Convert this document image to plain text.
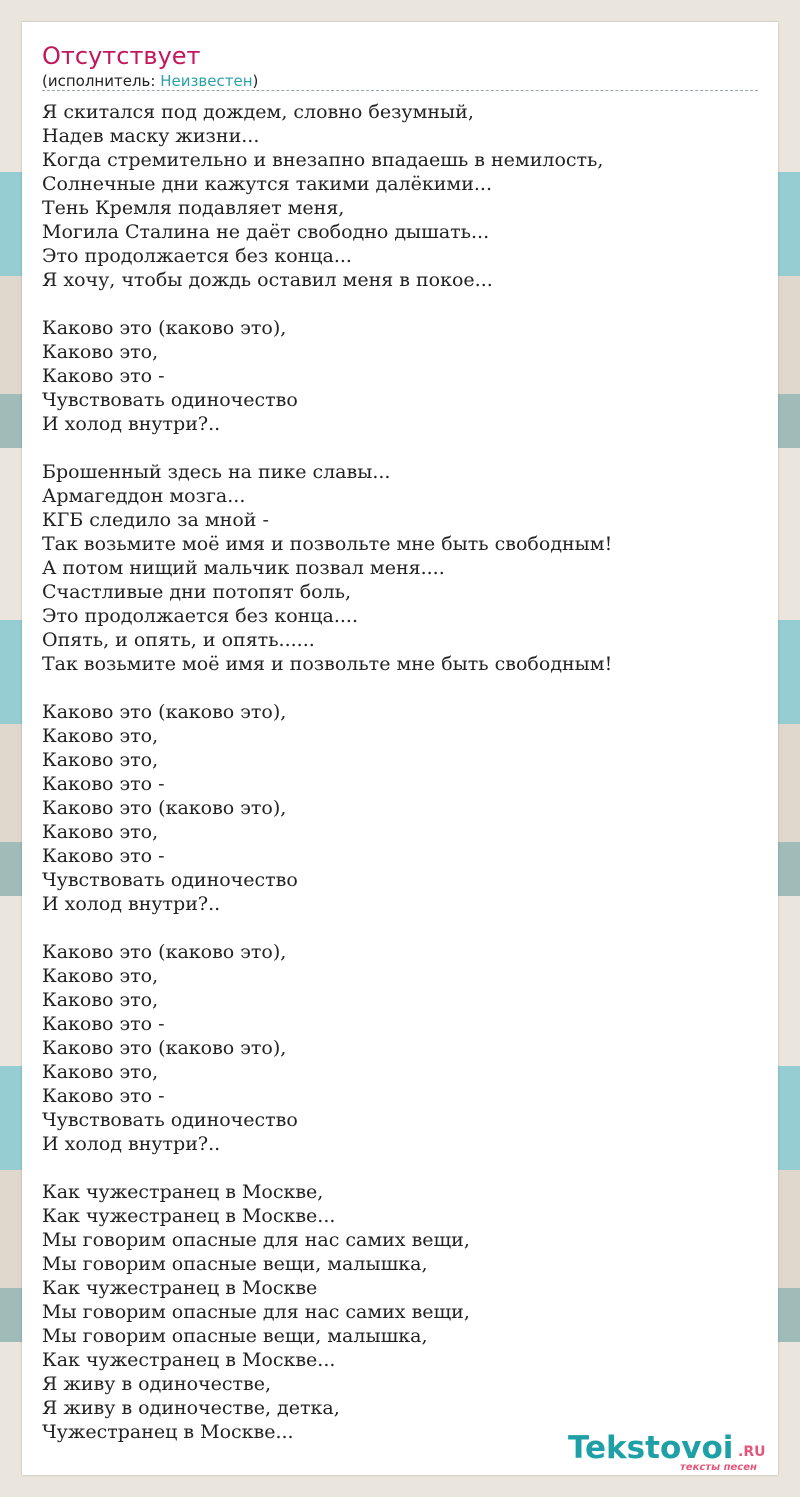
Отсутствует
(исполнитель: Неизвестен)
Я скитался под дождем, словно безумный,
Надев маску жизни...
Когда стремительно и внезапно впадаешь в немилость,
Солнечные дни кажутся такими далёкими...
Тень Кремля подавляет меня,
Могила Сталина не даёт свободно дышать...
Это продолжается без конца...
Я хочу, чтобы дождь оставил меня в покое...

Каково это (каково это),
Каково это,
Каково это -
Чувствовать одиночество
И холод внутри?..

Брошенный здесь на пике славы...
Армагеддон мозга...
КГБ следило за мной -
Так возьмите моё имя и позвольте мне быть свободным!
А потом нищий мальчик позвал меня....
Счастливые дни потопят боль,
Это продолжается без конца....
Опять, и опять, и опять......
Так возьмите моё имя и позвольте мне быть свободным!

Каково это (каково это),
Каково это,
Каково это,
Каково это -
Каково это (каково это),
Каково это,
Каково это -
Чувствовать одиночество
И холод внутри?..

Каково это (каково это),
Каково это,
Каково это,
Каково это -
Каково это (каково это),
Каково это,
Каково это -
Чувствовать одиночество
И холод внутри?..

Как чужестранец в Москве,
Как чужестранец в Москве...
Мы говорим опасные для нас самих вещи,
Мы говорим опасные вещи, малышка,
Как чужестранец в Москве
Мы говорим опасные для нас самих вещи,
Мы говорим опасные вещи, малышка,
Как чужестранец в Москве...
Я живу в одиночестве,
Я живу в одиночестве, детка,
Чужестранец в Москве...	Tekstovoi .RU
тексты песен
